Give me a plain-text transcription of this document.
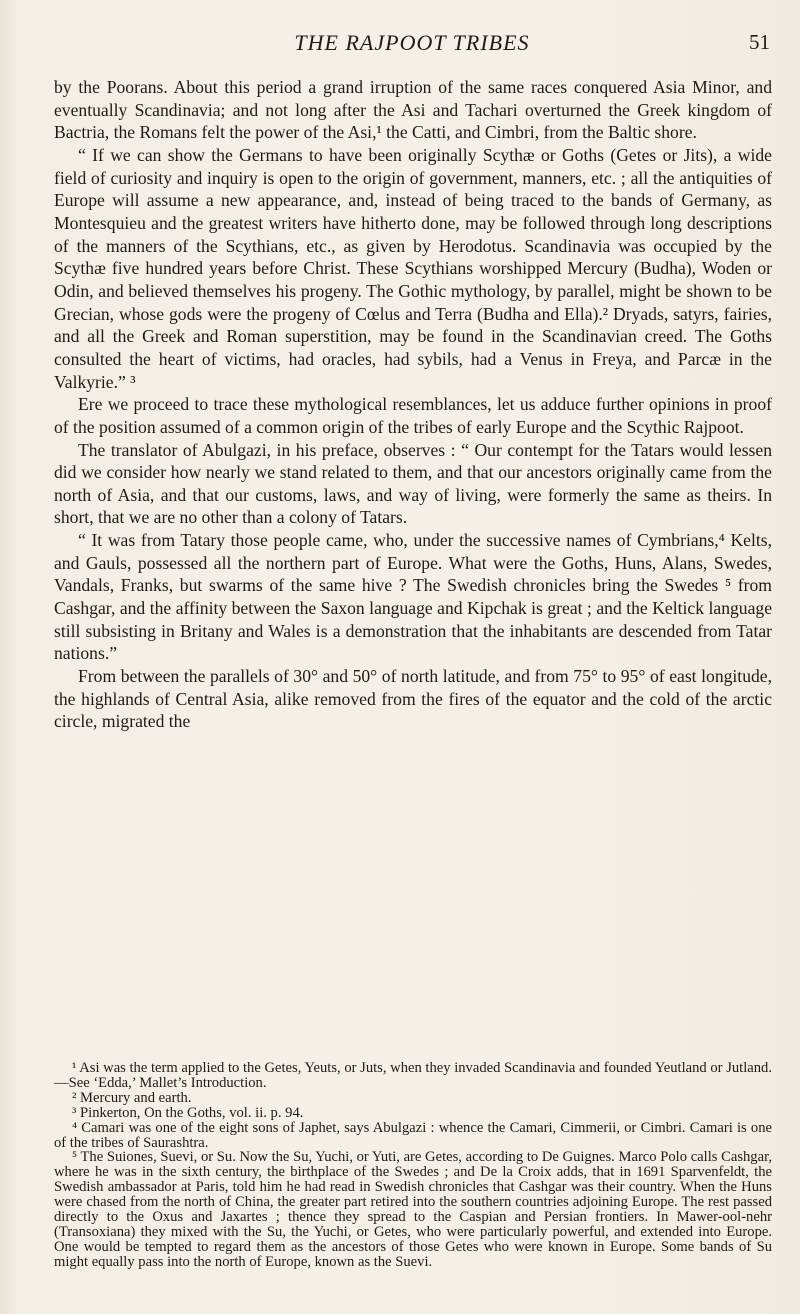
THE RAJPOOT TRIBES	51

by the Poorans. About this period a grand irruption of the same races conquered Asia Minor, and eventually Scandinavia; and not long after the Asi and Tachari overturned the Greek kingdom of Bactria, the Romans felt the power of the Asi,¹ the Catti, and Cimbri, from the Baltic shore.

“ If we can show the Germans to have been originally Scythæ or Goths (Getes or Jits), a wide field of curiosity and inquiry is open to the origin of government, manners, etc. ; all the antiquities of Europe will assume a new appearance, and, instead of being traced to the bands of Germany, as Montesquieu and the greatest writers have hitherto done, may be followed through long descriptions of the manners of the Scythians, etc., as given by Herodotus. Scandinavia was occupied by the Scythæ five hundred years before Christ. These Scythians worshipped Mercury (Budha), Woden or Odin, and believed themselves his progeny. The Gothic mythology, by parallel, might be shown to be Grecian, whose gods were the progeny of Cœlus and Terra (Budha and Ella).² Dryads, satyrs, fairies, and all the Greek and Roman superstition, may be found in the Scandinavian creed. The Goths consulted the heart of victims, had oracles, had sybils, had a Venus in Freya, and Parcæ in the Valkyrie.” ³

Ere we proceed to trace these mythological resemblances, let us adduce further opinions in proof of the position assumed of a common origin of the tribes of early Europe and the Scythic Rajpoot.

The translator of Abulgazi, in his preface, observes : “ Our contempt for the Tatars would lessen did we consider how nearly we stand related to them, and that our ancestors originally came from the north of Asia, and that our customs, laws, and way of living, were formerly the same as theirs. In short, that we are no other than a colony of Tatars.

“ It was from Tatary those people came, who, under the successive names of Cymbrians,⁴ Kelts, and Gauls, possessed all the northern part of Europe. What were the Goths, Huns, Alans, Swedes, Vandals, Franks, but swarms of the same hive ? The Swedish chronicles bring the Swedes ⁵ from Cashgar, and the affinity between the Saxon language and Kipchak is great ; and the Keltick language still subsisting in Britany and Wales is a demonstration that the inhabitants are descended from Tatar nations.”

From between the parallels of 30° and 50° of north latitude, and from 75° to 95° of east longitude, the highlands of Central Asia, alike removed from the fires of the equator and the cold of the arctic circle, migrated the

¹ Asi was the term applied to the Getes, Yeuts, or Juts, when they invaded Scandinavia and founded Yeutland or Jutland.—See ‘Edda,’ Mallet’s Introduction.

² Mercury and earth.

³ Pinkerton, On the Goths, vol. ii. p. 94.

⁴ Camari was one of the eight sons of Japhet, says Abulgazi : whence the Camari, Cimmerii, or Cimbri. Camari is one of the tribes of Saurashtra.

⁵ The Suiones, Suevi, or Su. Now the Su, Yuchi, or Yuti, are Getes, according to De Guignes. Marco Polo calls Cashgar, where he was in the sixth century, the birthplace of the Swedes ; and De la Croix adds, that in 1691 Sparvenfeldt, the Swedish ambassador at Paris, told him he had read in Swedish chronicles that Cashgar was their country. When the Huns were chased from the north of China, the greater part retired into the southern countries adjoining Europe. The rest passed directly to the Oxus and Jaxartes ; thence they spread to the Caspian and Persian frontiers. In Mawer-ool-nehr (Transoxiana) they mixed with the Su, the Yuchi, or Getes, who were particularly powerful, and extended into Europe. One would be tempted to regard them as the ancestors of those Getes who were known in Europe. Some bands of Su might equally pass into the north of Europe, known as the Suevi.
